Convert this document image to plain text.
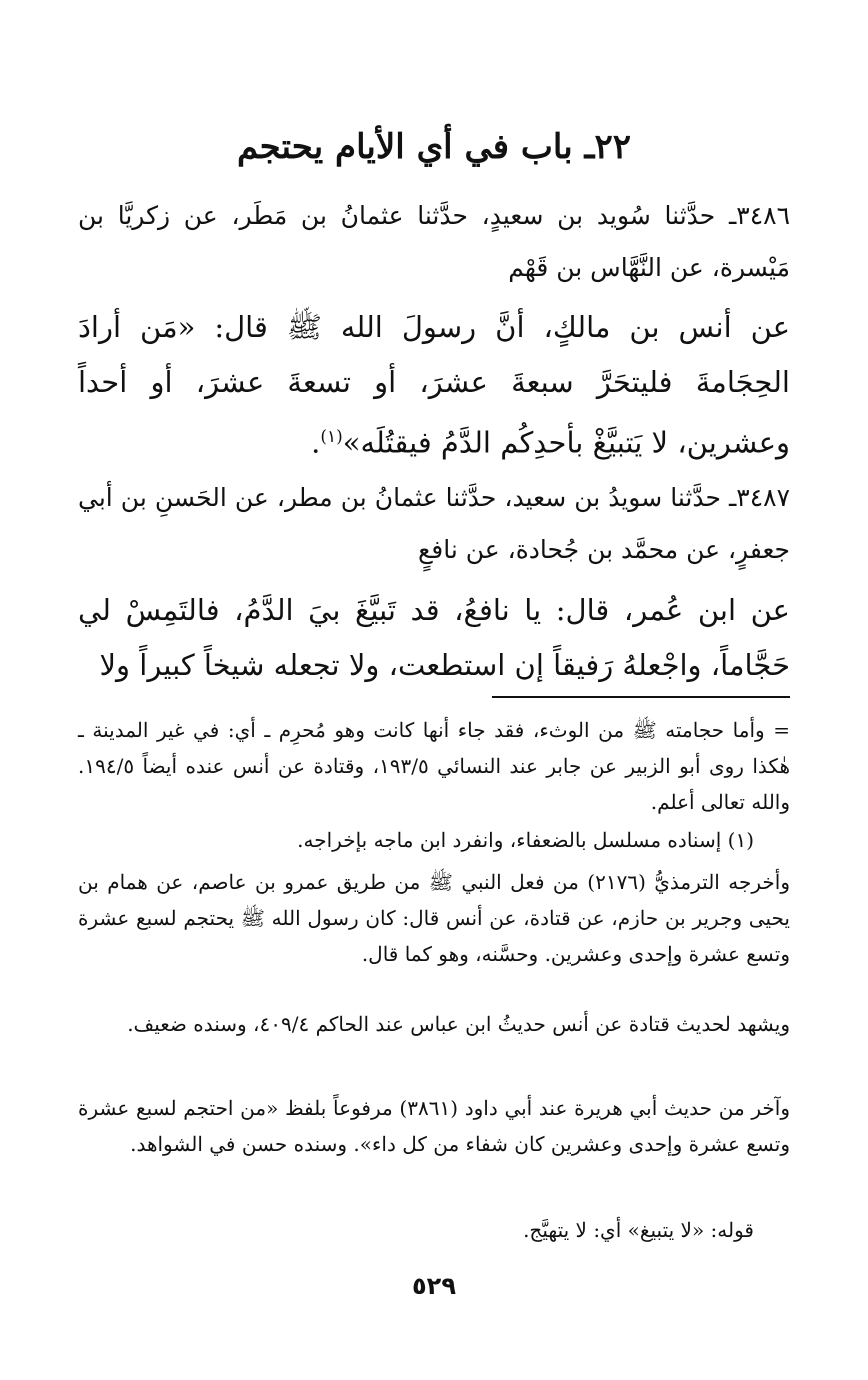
٢٢ـ باب في أي الأيام يحتجم
٣٤٨٦ـ حدَّثنا سُويد بن سعيدٍ، حدَّثنا عثمانُ بن مَطَر، عن زكريَّا بن مَيْسرة، عن النَّهَّاس بن قَهْم
عن أنس بن مالكٍ، أنَّ رسولَ الله ﷺ قال: «مَن أرادَ الحِجَامةَ فليتحَرَّ سبعةَ عشرَ، أو تسعةَ عشرَ، أو أحداً وعشرين، لا يَتبيَّغْ بأحدِكُم الدَّمُ فيقتُلَه»$^{(١)}$.
٣٤٨٧ـ حدَّثنا سويدُ بن سعيد، حدَّثنا عثمانُ بن مطر، عن الحَسنِ بن أبي جعفرٍ، عن محمَّد بن جُحادة، عن نافعٍ
عن ابن عُمر، قال: يا نافعُ، قد تَبيَّغَ بيَ الدَّمُ، فالتَمِسْ لي حَجَّاماً، واجْعلهُ رَفيقاً إن استطعت، ولا تجعله شيخاً كبيراً ولا
= وأما حجامته ﷺ من الوثء، فقد جاء أنها كانت وهو مُحرِم ـ أي: في غير المدينة ـ هٰكذا روى أبو الزبير عن جابر عند النسائي ١٩٣/٥، وقتادة عن أنس عنده أيضاً ١٩٤/٥. والله تعالى أعلم.
(١) إسناده مسلسل بالضعفاء، وانفرد ابن ماجه بإخراجه.
وأخرجه الترمذيُّ (٢١٧٦) من فعل النبي ﷺ من طريق عمرو بن عاصم، عن همام بن يحيى وجرير بن حازم، عن قتادة، عن أنس قال: كان رسول الله ﷺ يحتجم لسبع عشرة وتسع عشرة وإحدى وعشرين. وحسَّنه، وهو كما قال.
ويشهد لحديث قتادة عن أنس حديثُ ابن عباس عند الحاكم ٤٠٩/٤، وسنده ضعيف.
وآخر من حديث أبي هريرة عند أبي داود (٣٨٦١) مرفوعاً بلفظ «من احتجم لسبع عشرة وتسع عشرة وإحدى وعشرين كان شفاء من كل داء». وسنده حسن في الشواهد.
قوله: «لا يتبيغ» أي: لا يتهيَّج.
٥٢٩
